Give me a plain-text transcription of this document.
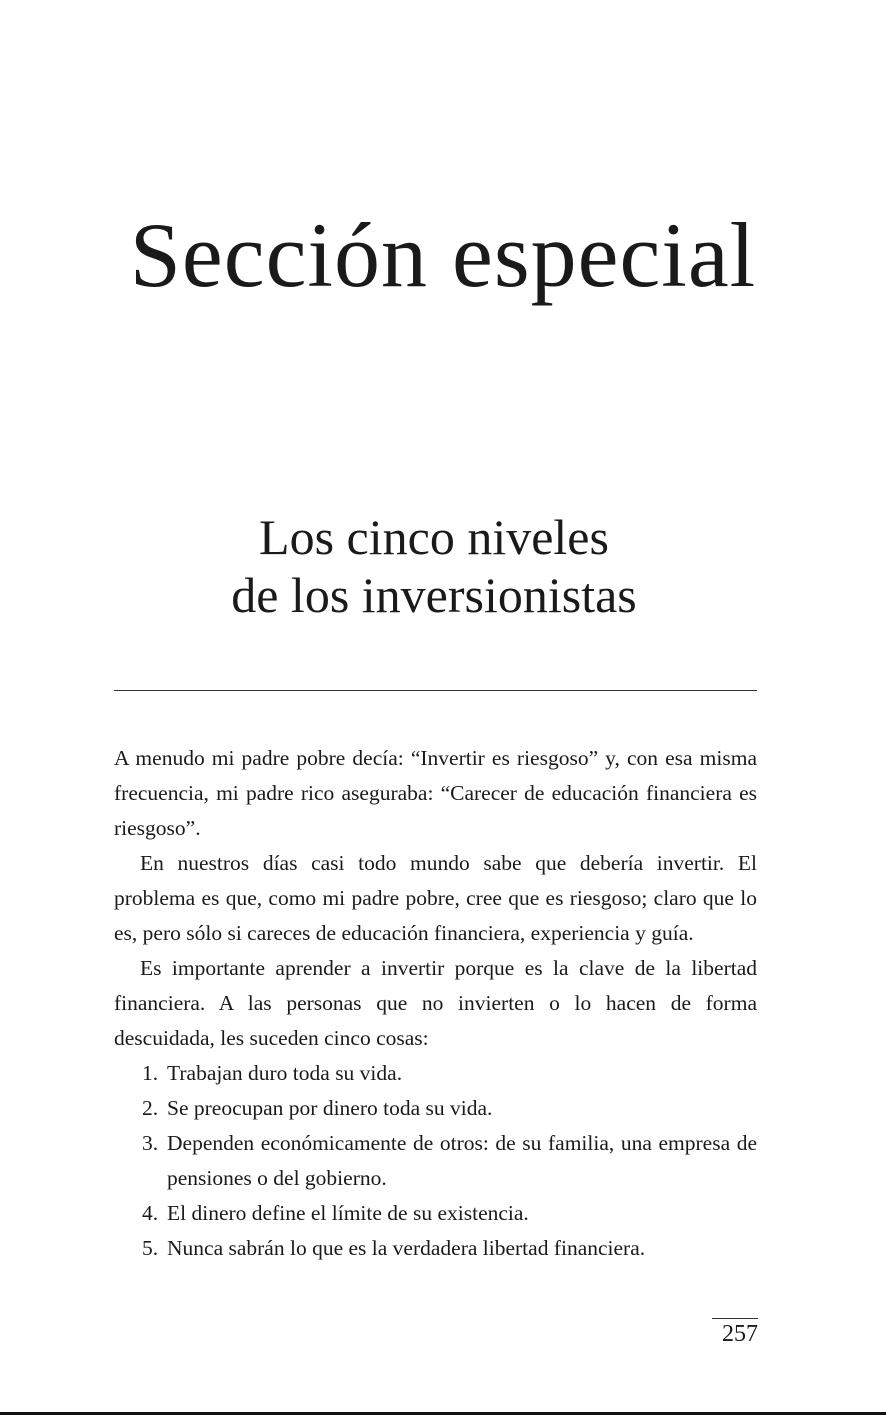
Sección especial
Los cinco niveles
de los inversionistas

A menudo mi padre pobre decía: “Invertir es riesgoso” y, con esa misma frecuencia, mi padre rico aseguraba: “Carecer de educación financiera es riesgoso”.

En nuestros días casi todo mundo sabe que debería invertir. El problema es que, como mi padre pobre, cree que es riesgoso; claro que lo es, pero sólo si careces de educación financiera, experiencia y guía.

Es importante aprender a invertir porque es la clave de la libertad financiera. A las personas que no invierten o lo hacen de forma descuidada, les suceden cinco cosas:

1. Trabajan duro toda su vida.
2. Se preocupan por dinero toda su vida.
3. Dependen económicamente de otros: de su familia, una empresa de pensiones o del gobierno.
4. El dinero define el límite de su existencia.
5. Nunca sabrán lo que es la verdadera libertad financiera.
257
